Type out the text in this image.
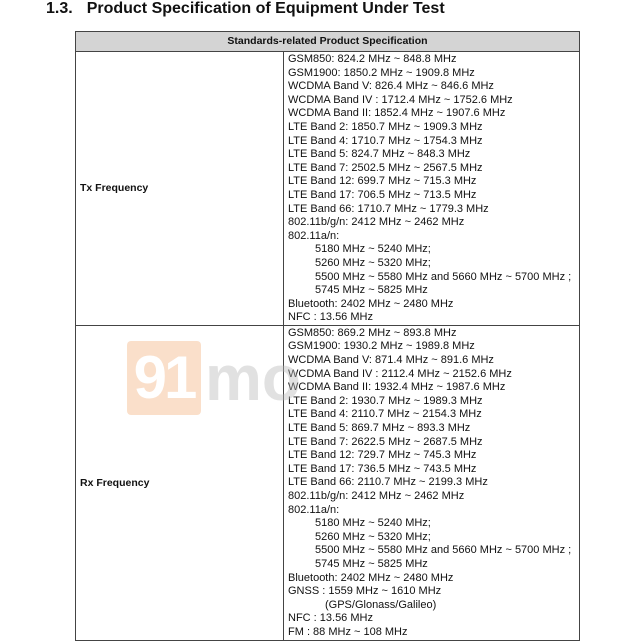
1.3. Product Specification of Equipment Under Test
Standards-related Product Specification
Tx Frequency
GSM850: 824.2 MHz ~ 848.8 MHz
GSM1900: 1850.2 MHz ~ 1909.8 MHz
WCDMA Band V: 826.4 MHz ~ 846.6 MHz
WCDMA Band IV : 1712.4 MHz ~ 1752.6 MHz
WCDMA Band II: 1852.4 MHz ~ 1907.6 MHz
LTE Band 2: 1850.7 MHz ~ 1909.3 MHz
LTE Band 4: 1710.7 MHz ~ 1754.3 MHz
LTE Band 5: 824.7 MHz ~ 848.3 MHz
LTE Band 7: 2502.5 MHz ~ 2567.5 MHz
LTE Band 12: 699.7 MHz ~ 715.3 MHz
LTE Band 17: 706.5 MHz ~ 713.5 MHz
LTE Band 66: 1710.7 MHz ~ 1779.3 MHz
802.11b/g/n: 2412 MHz ~ 2462 MHz
802.11a/n:
5180 MHz ~ 5240 MHz;
5260 MHz ~ 5320 MHz;
5500 MHz ~ 5580 MHz and 5660 MHz ~ 5700 MHz ;
5745 MHz ~ 5825 MHz
Bluetooth: 2402 MHz ~ 2480 MHz
NFC : 13.56 MHz
Rx Frequency
GSM850: 869.2 MHz ~ 893.8 MHz
GSM1900: 1930.2 MHz ~ 1989.8 MHz
WCDMA Band V: 871.4 MHz ~ 891.6 MHz
WCDMA Band IV : 2112.4 MHz ~ 2152.6 MHz
WCDMA Band II: 1932.4 MHz ~ 1987.6 MHz
LTE Band 2: 1930.7 MHz ~ 1989.3 MHz
LTE Band 4: 2110.7 MHz ~ 2154.3 MHz
LTE Band 5: 869.7 MHz ~ 893.3 MHz
LTE Band 7: 2622.5 MHz ~ 2687.5 MHz
LTE Band 12: 729.7 MHz ~ 745.3 MHz
LTE Band 17: 736.5 MHz ~ 743.5 MHz
LTE Band 66: 2110.7 MHz ~ 2199.3 MHz
802.11b/g/n: 2412 MHz ~ 2462 MHz
802.11a/n:
5180 MHz ~ 5240 MHz;
5260 MHz ~ 5320 MHz;
5500 MHz ~ 5580 MHz and 5660 MHz ~ 5700 MHz ;
5745 MHz ~ 5825 MHz
Bluetooth: 2402 MHz ~ 2480 MHz
GNSS : 1559 MHz ~ 1610 MHz
(GPS/Glonass/Galileo)
NFC : 13.56 MHz
FM : 88 MHz ~ 108 MHz
91 mo
